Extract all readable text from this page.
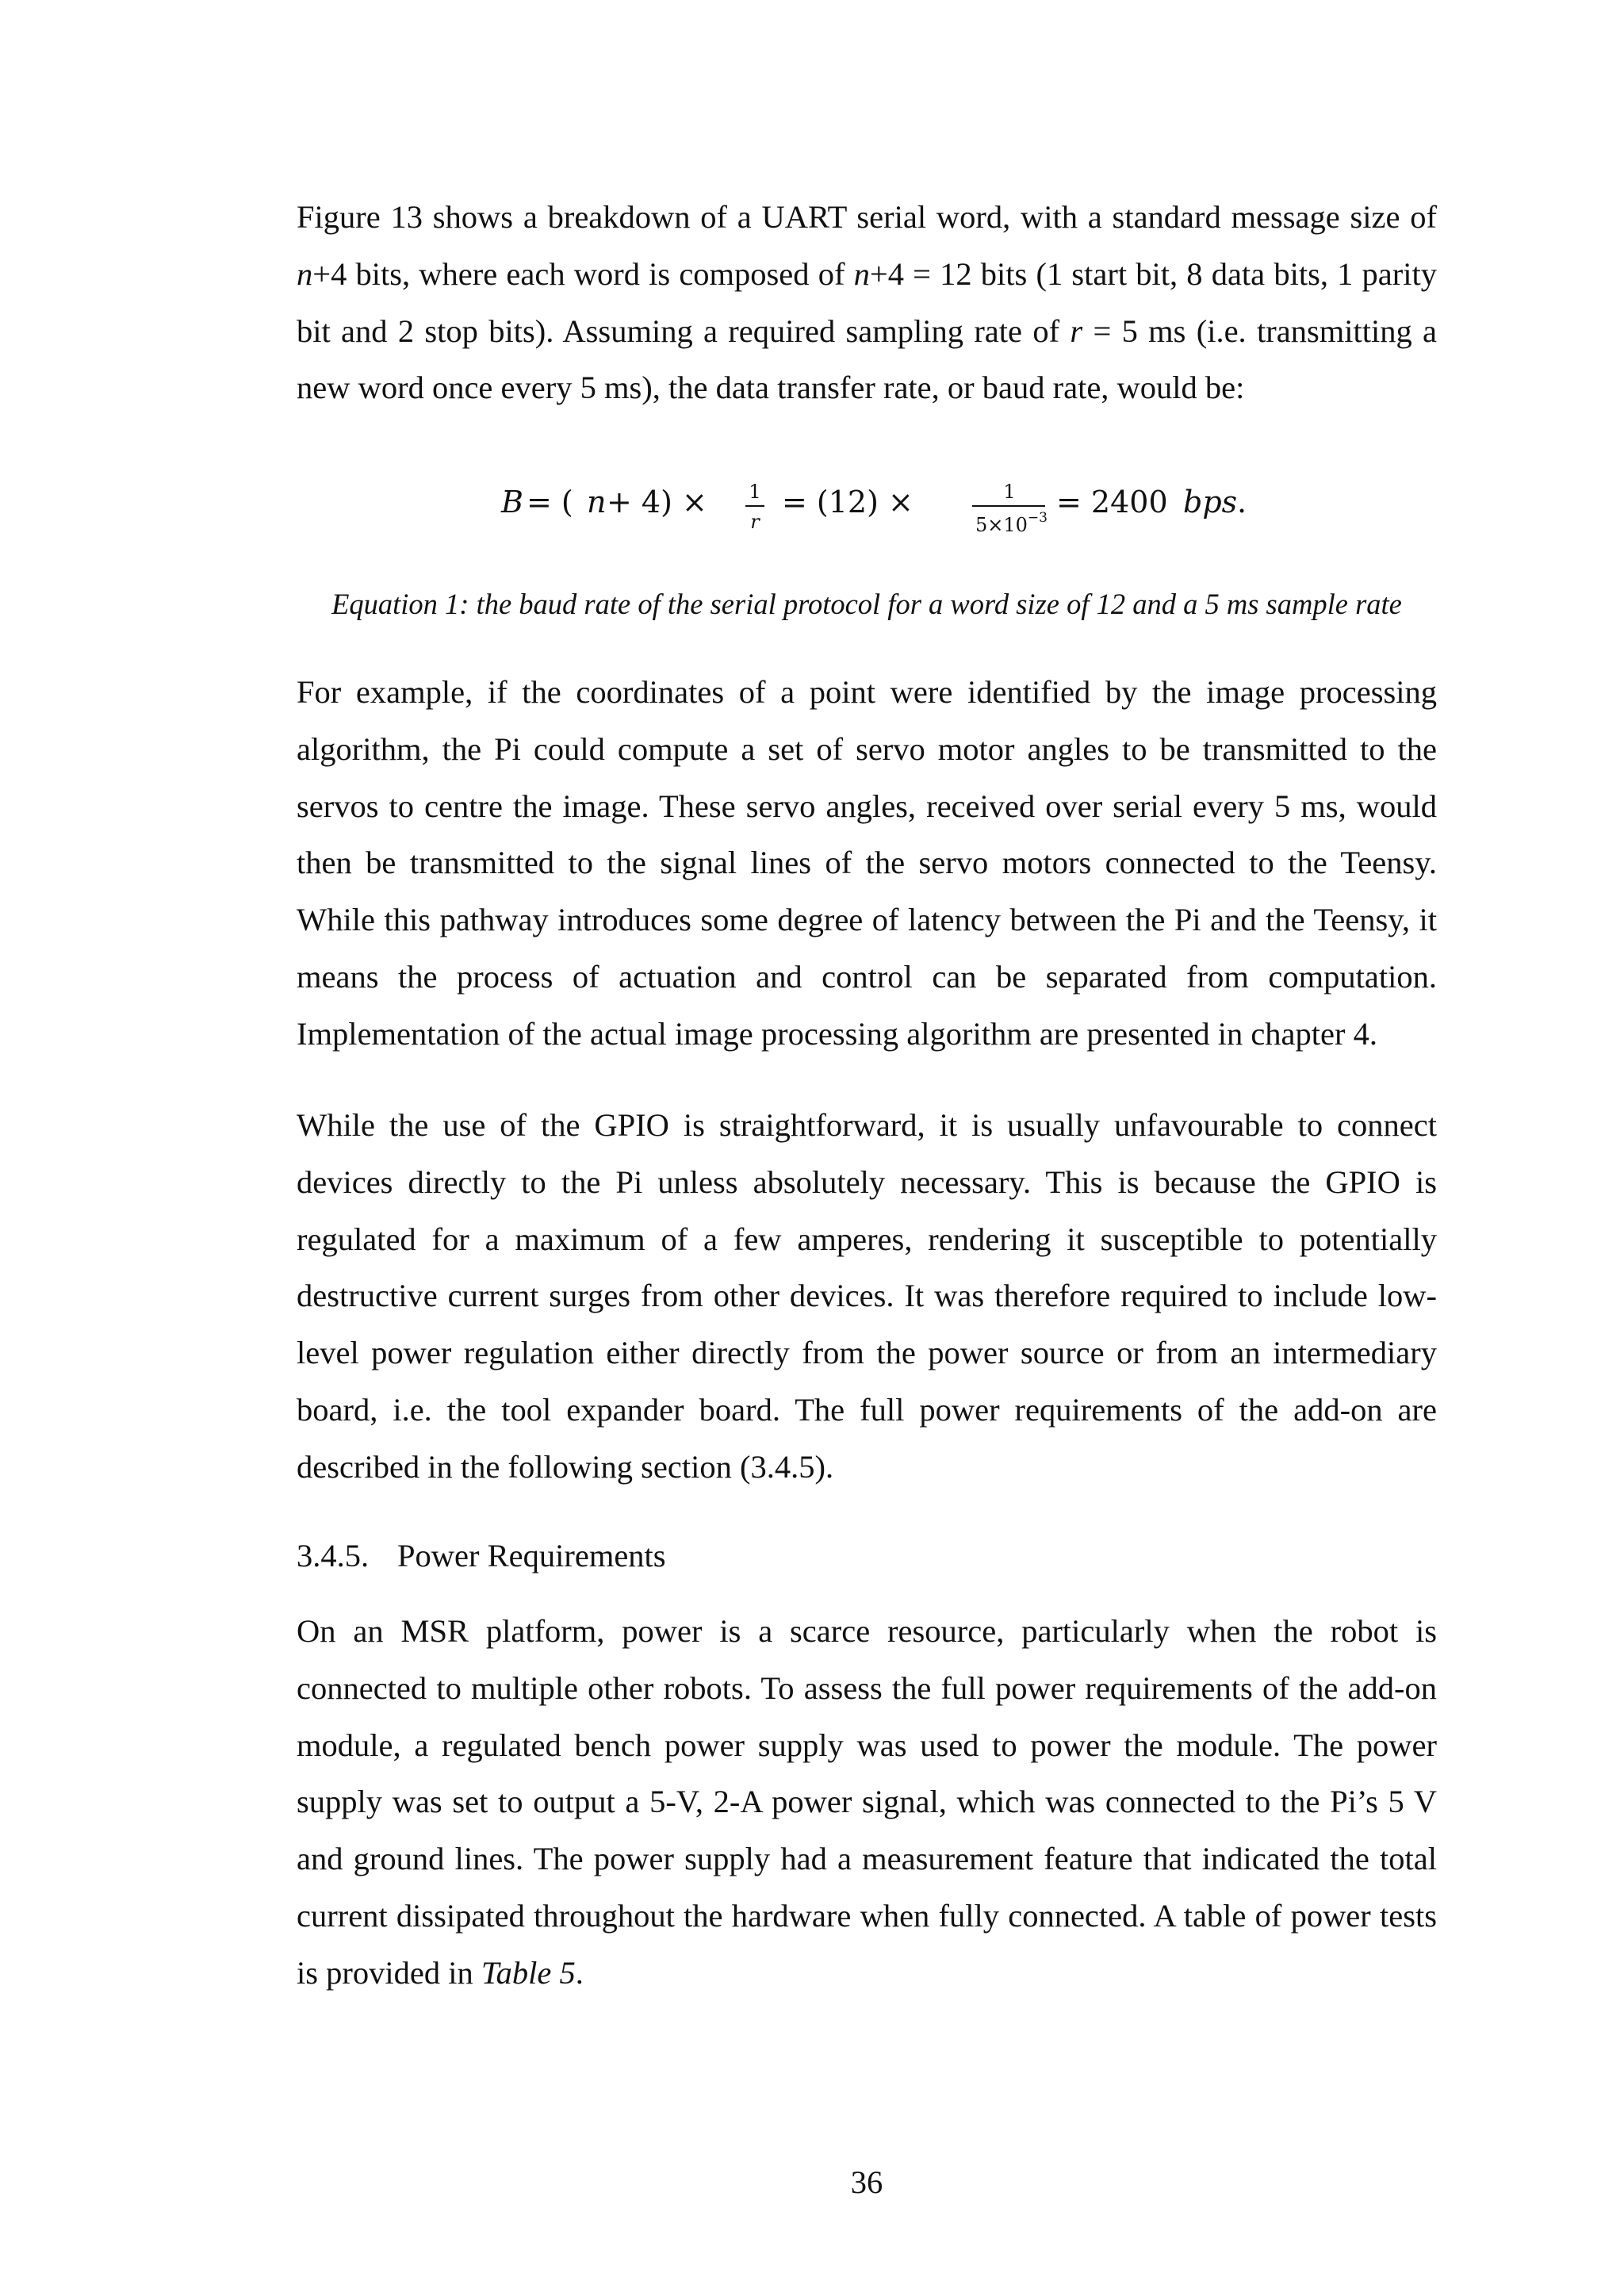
Figure 13 shows a breakdown of a UART serial word, with a standard message size of n+4 bits, where each word is composed of n+4 = 12 bits (1 start bit, 8 data bits, 1 parity bit and 2 stop bits). Assuming a required sampling rate of r = 5 ms (i.e. transmitting a new word once every 5 ms), the data transfer rate, or baud rate, would be:

B = ( n + 4) × 1
r
= (12) ×	1
$5\times 10^{-3} = 2400$ bps .

Equation 1: the baud rate of the serial protocol for a word size of 12 and a 5 ms sample rate

For example, if the coordinates of a point were identified by the image processing algorithm, the Pi could compute a set of servo motor angles to be transmitted to the servos to centre the image. These servo angles, received over serial every 5 ms, would then be transmitted to the signal lines of the servo motors connected to the Teensy. While this pathway introduces some degree of latency between the Pi and the Teensy, it means the process of actuation and control can be separated from computation. Implementation of the actual image processing algorithm are presented in chapter 4.

While the use of the GPIO is straightforward, it is usually unfavourable to connect devices directly to the Pi unless absolutely necessary. This is because the GPIO is regulated for a maximum of a few amperes, rendering it susceptible to potentially destructive current surges from other devices. It was therefore required to include low-level power regulation either directly from the power source or from an intermediary board, i.e. the tool expander board. The full power requirements of the add-on are described in the following section (3.4.5).

3.4.5. Power Requirements

On an MSR platform, power is a scarce resource, particularly when the robot is connected to multiple other robots. To assess the full power requirements of the add-on module, a regulated bench power supply was used to power the module. The power supply was set to output a 5-V, 2-A power signal, which was connected to the Pi’s 5 V and ground lines. The power supply had a measurement feature that indicated the total current dissipated throughout the hardware when fully connected. A table of power tests is provided in Table 5.

36
